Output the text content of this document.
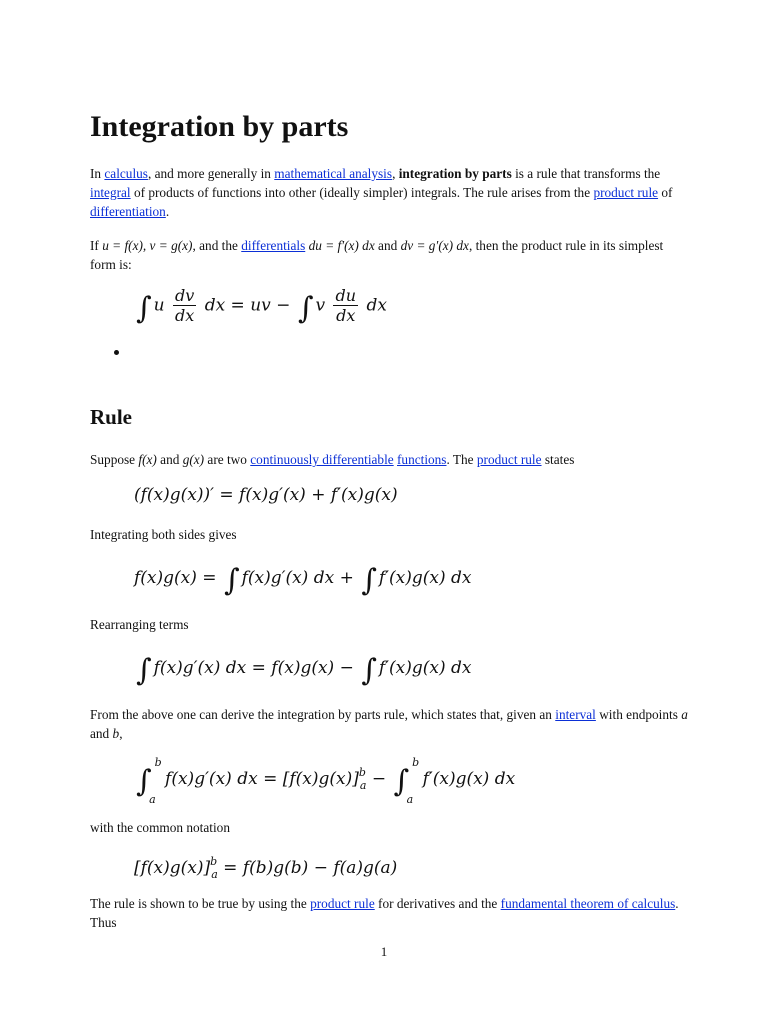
Integration by parts

In calculus, and more generally in mathematical analysis, integration by parts is a rule that transforms the integral of products of functions into other (ideally simpler) integrals. The rule arises from the product rule of differentiation.

If u = f(x), v = g(x), and the differentials du = f′(x) dx and dv = g′(x) dx, then the product rule in its simplest form is:

∫ u $\frac{dv}{dx}$ dx = uv − ∫ v $\frac{du}{dx}$ dx
Rule

Suppose f(x) and g(x) are two continuously differentiable functions. The product rule states

(f(x)g(x))′ = f(x)g′(x) + f′(x)g(x)

Integrating both sides gives

f(x)g(x) = ∫ f(x)g′(x) dx + ∫ f′(x)g(x) dx

Rearranging terms

∫ f(x)g′(x) dx = f(x)g(x) − ∫ f′(x)g(x) dx

From the above one can derive the integration by parts rule, which states that, given an interval with endpoints a and b,

∫
b
a
f(x)g′(x) dx = $[f(x)g(x)]^b_a$ − ∫
b
a
f′(x)g(x) dx

with the common notation

$[f(x)g(x)]^b_a = f(b)g(b) - f(a)g(a)$

The rule is shown to be true by using the product rule for derivatives and the fundamental theorem of calculus. Thus

1
